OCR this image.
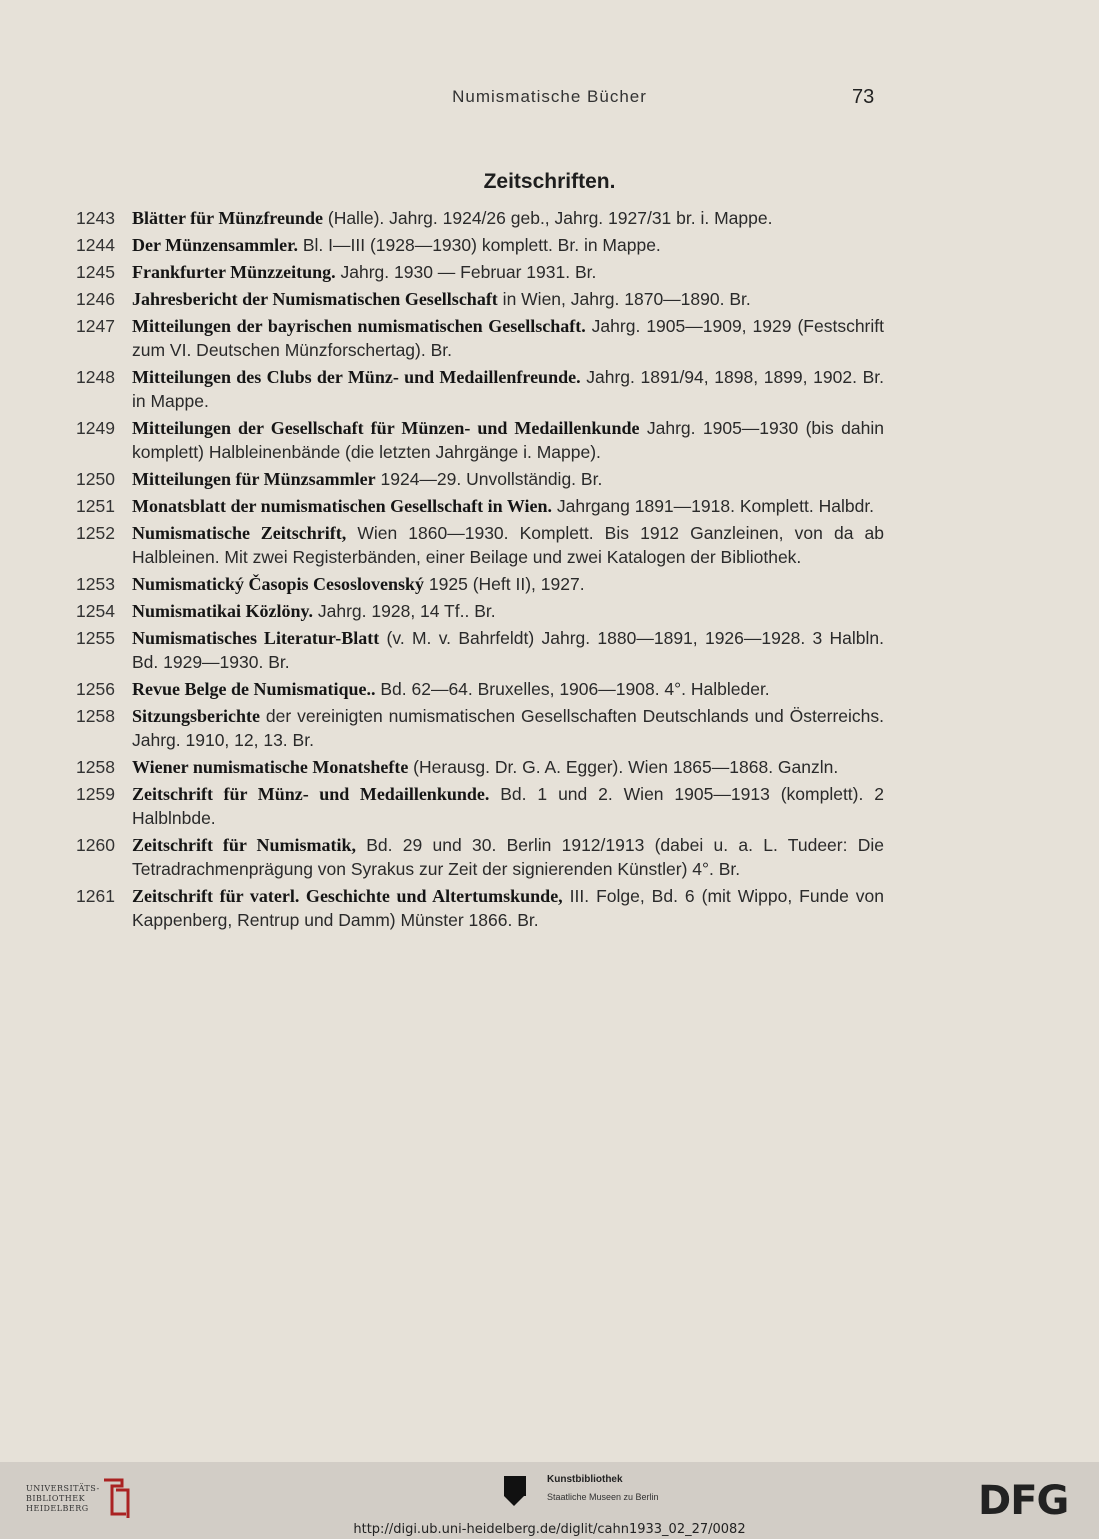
Numismatische Bücher	73
Zeitschriften.
1243 Blätter für Münzfreunde (Halle). Jahrg. 1924/26 geb., Jahrg. 1927/31 br. i. Mappe.
1244 Der Münzensammler. Bl. I—III (1928—1930) komplett. Br. in Mappe.
1245 Frankfurter Münzzeitung. Jahrg. 1930 — Februar 1931. Br.
1246 Jahresbericht der Numismatischen Gesellschaft in Wien, Jahrg. 1870—1890. Br.
1247 Mitteilungen der bayrischen numismatischen Gesellschaft. Jahrg. 1905—1909, 1929 (Festschrift zum VI. Deutschen Münzforschertag). Br.
1248 Mitteilungen des Clubs der Münz- und Medaillenfreunde. Jahrg. 1891/94, 1898, 1899, 1902. Br. in Mappe.
1249 Mitteilungen der Gesellschaft für Münzen- und Medaillenkunde Jahrg. 1905—1930 (bis dahin komplett) Halbleinenbände (die letzten Jahrgänge i. Mappe).
1250 Mitteilungen für Münzsammler 1924—29. Unvollständig. Br.
1251 Monatsblatt der numismatischen Gesellschaft in Wien. Jahrgang 1891—1918. Komplett. Halbdr.
1252 Numismatische Zeitschrift, Wien 1860—1930. Komplett. Bis 1912 Ganzleinen, von da ab Halbleinen. Mit zwei Registerbänden, einer Beilage und zwei Katalogen der Bibliothek.
1253 Numismatický Časopis Cesoslovenský 1925 (Heft II), 1927.
1254 Numismatikai Közlöny. Jahrg. 1928, 14 Tf.. Br.
1255 Numismatisches Literatur-Blatt (v. M. v. Bahrfeldt) Jahrg. 1880—1891, 1926—1928. 3 Halbln. Bd. 1929—1930. Br.
1256 Revue Belge de Numismatique.. Bd. 62—64. Bruxelles, 1906—1908. 4°. Halbleder.
1258 Sitzungsberichte der vereinigten numismatischen Gesellschaften Deutschlands und Österreichs. Jahrg. 1910, 12, 13. Br.
1258 Wiener numismatische Monatshefte (Herausg. Dr. G. A. Egger). Wien 1865—1868. Ganzln.
1259 Zeitschrift für Münz- und Medaillenkunde. Bd. 1 und 2. Wien 1905—1913 (komplett). 2 Halblnbde.
1260 Zeitschrift für Numismatik, Bd. 29 und 30. Berlin 1912/1913 (dabei u. a. L. Tudeer: Die Tetradrachmenprägung von Syrakus zur Zeit der signierenden Künstler) 4°. Br.
1261 Zeitschrift für vaterl. Geschichte und Altertumskunde, III. Folge, Bd. 6 (mit Wippo, Funde von Kappenberg, Rentrup und Damm) Münster 1866. Br.
UNIVERSITÄTS-
BIBLIOTHEK
HEIDELBERG
Kunstbibliothek
Staatliche Museen zu Berlin	DFG
http://digi.ub.uni-heidelberg.de/diglit/cahn1933_02_27/0082
